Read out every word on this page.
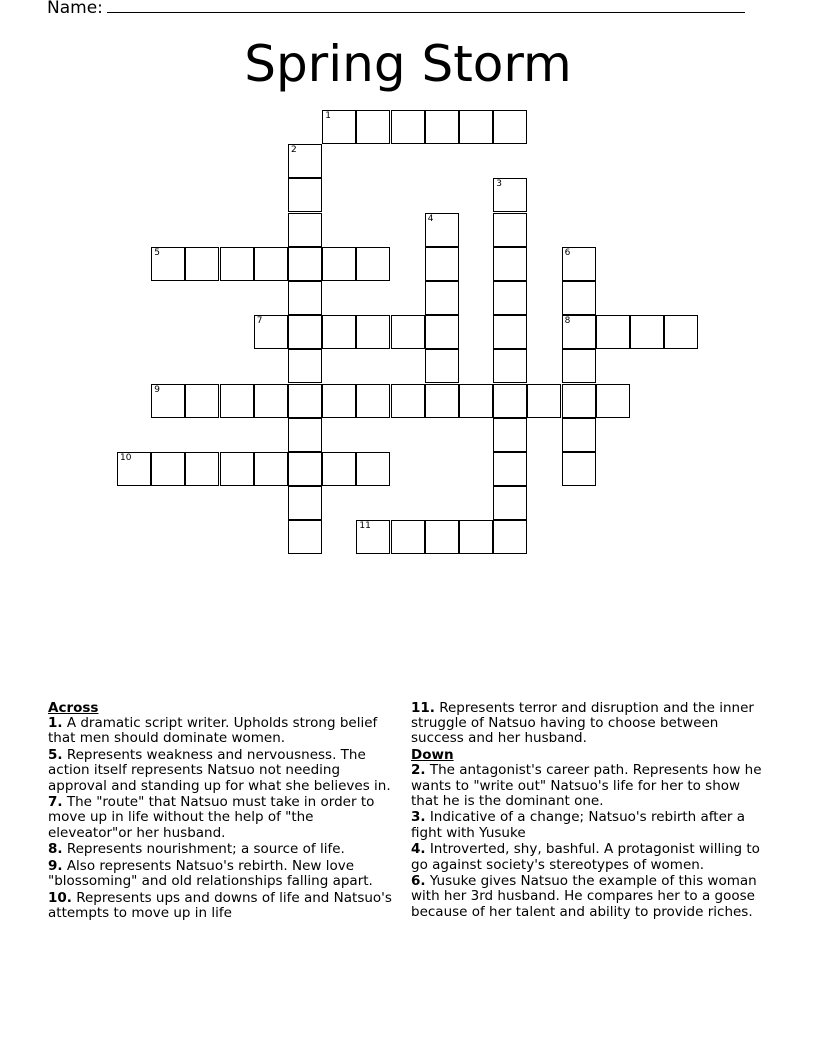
Name:
Spring Storm
1
2
3
4
5	6
8
7
9
10
11
Across
1. A dramatic script writer. Upholds strong belief that men should dominate women.
5. Represents weakness and nervousness. The action itself represents Natsuo not needing approval and standing up for what she believes in.
7. The "route" that Natsuo must take in order to move up in life without the help of "the eleveator"or her husband.
8. Represents nourishment; a source of life.
9. Also represents Natsuo's rebirth. New love "blossoming" and old relationships falling apart.
10. Represents ups and downs of life and Natsuo's attempts to move up in life
11. Represents terror and disruption and the inner struggle of Natsuo having to choose between success and her husband.
Down
2. The antagonist's career path. Represents how he wants to "write out" Natsuo's life for her to show that he is the dominant one.
3. Indicative of a change; Natsuo's rebirth after a fight with Yusuke
4. Introverted, shy, bashful. A protagonist willing to go against society's stereotypes of women.
6. Yusuke gives Natsuo the example of this woman with her 3rd husband. He compares her to a goose because of her talent and ability to provide riches.
